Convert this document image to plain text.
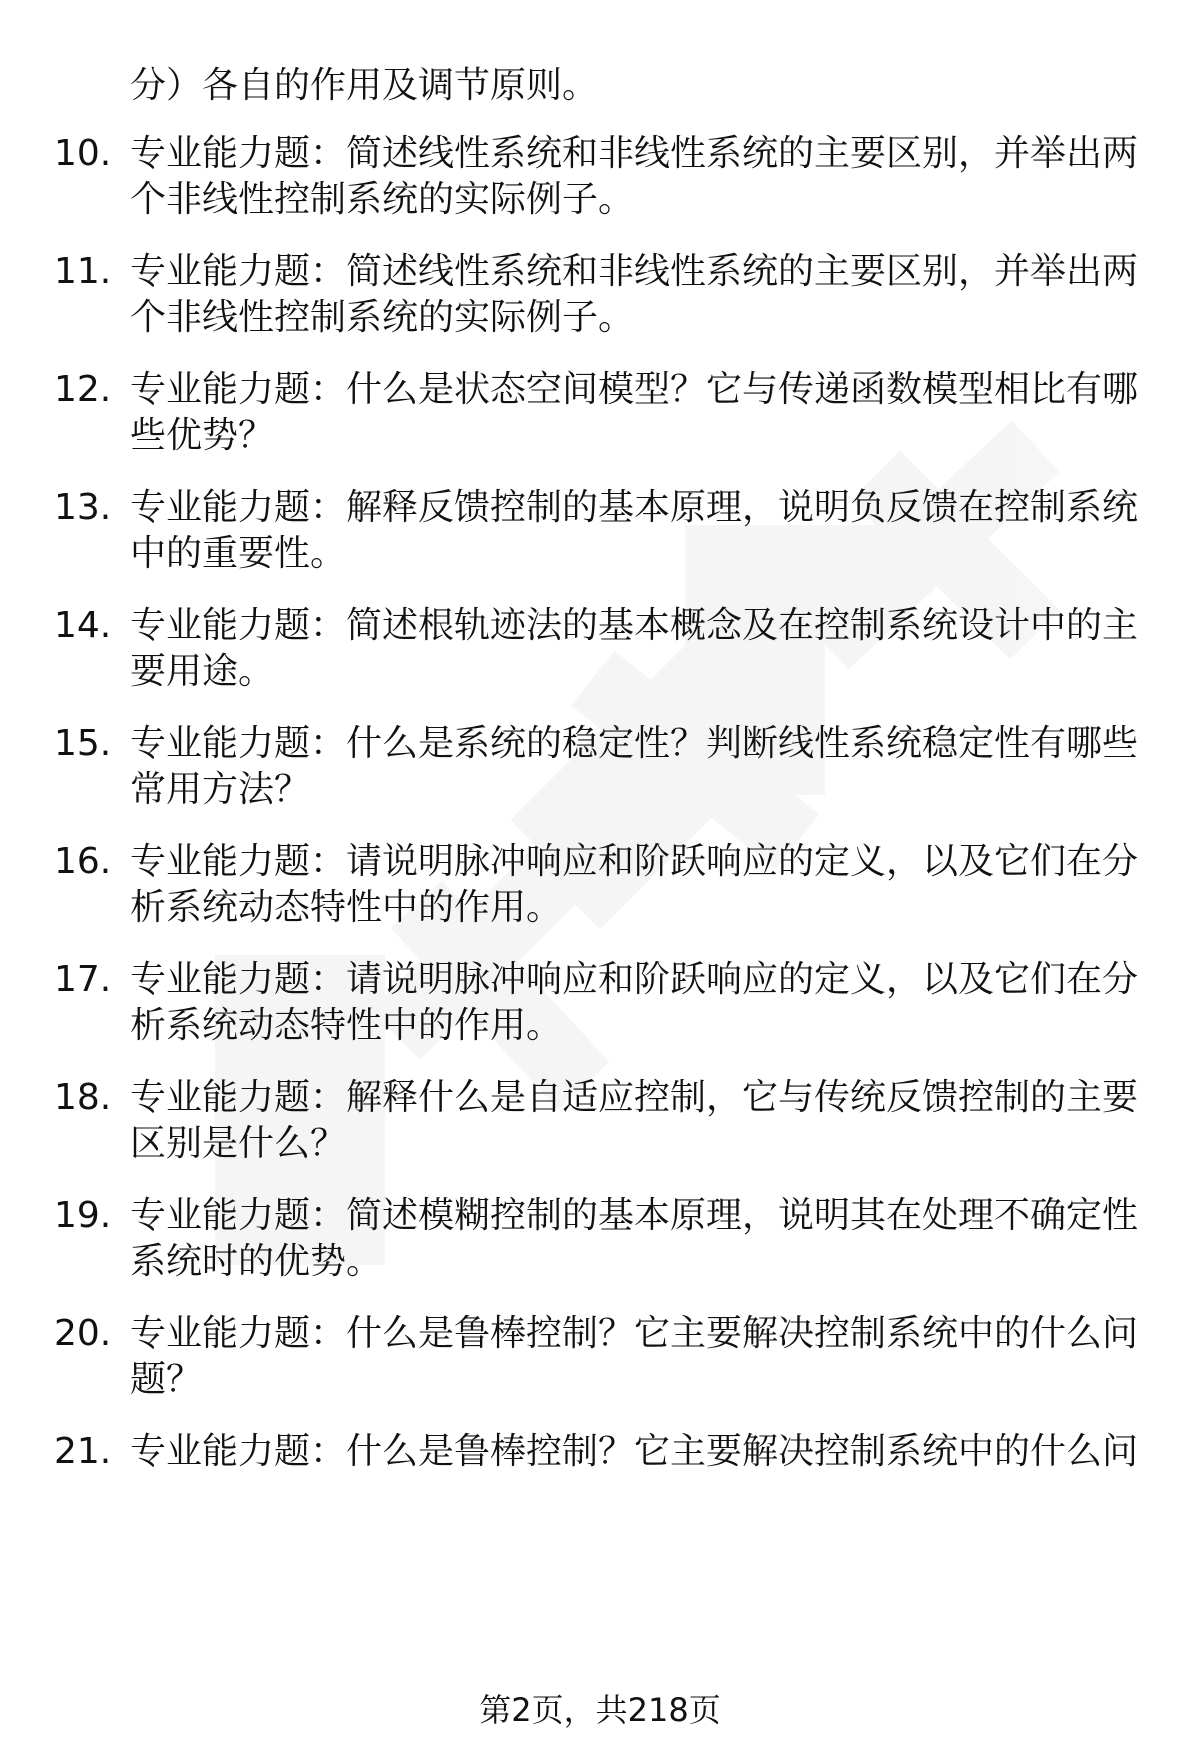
分）各自的作用及调节原则。
10. 专业能力题：简述线性系统和非线性系统的主要区别，并举出两
个非线性控制系统的实际例子。
11. 专业能力题：简述线性系统和非线性系统的主要区别，并举出两
个非线性控制系统的实际例子。
12. 专业能力题：什么是状态空间模型？它与传递函数模型相比有哪
些优势？
13. 专业能力题：解释反馈控制的基本原理，说明负反馈在控制系统
中的重要性。
14. 专业能力题：简述根轨迹法的基本概念及在控制系统设计中的主
要用途。
15. 专业能力题：什么是系统的稳定性？判断线性系统稳定性有哪些
常用方法？
16. 专业能力题：请说明脉冲响应和阶跃响应的定义，以及它们在分
析系统动态特性中的作用。
17. 专业能力题：请说明脉冲响应和阶跃响应的定义，以及它们在分
析系统动态特性中的作用。
18. 专业能力题：解释什么是自适应控制，它与传统反馈控制的主要
区别是什么？
19. 专业能力题：简述模糊控制的基本原理，说明其在处理不确定性
系统时的优势。
20. 专业能力题：什么是鲁棒控制？它主要解决控制系统中的什么问
题？
21. 专业能力题：什么是鲁棒控制？它主要解决控制系统中的什么问
第2页，共218页
